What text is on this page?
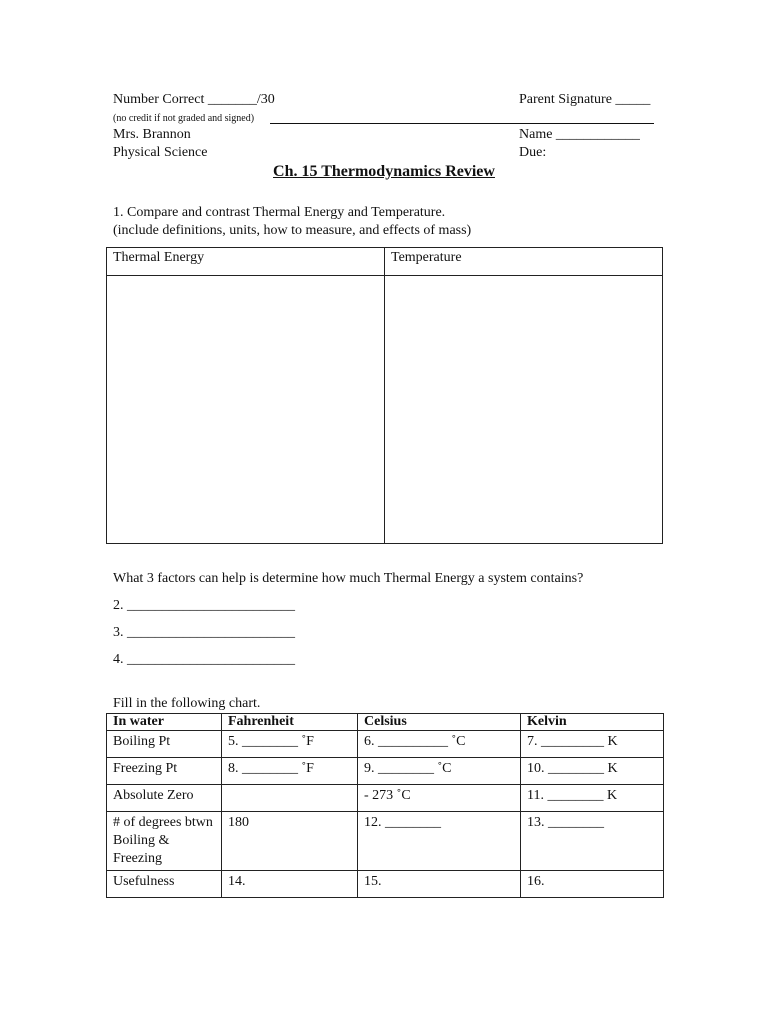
Number Correct _______/30	Parent Signature _____
(no credit if not graded and signed)
Mrs. Brannon	Name ____________
Physical Science	Due:
Ch. 15 Thermodynamics Review
1. Compare and contrast Thermal Energy and Temperature.
(include definitions, units, how to measure, and effects of mass)
Thermal Energy	Temperature

What 3 factors can help is determine how much Thermal Energy a system contains?
2. ________________________
3. ________________________
4. ________________________
Fill in the following chart.
In water	Fahrenheit	Celsius	Kelvin
Boiling Pt	5. ________ ˚F	6. __________ ˚C	7. _________ K
Freezing Pt	8. ________ ˚F	9. ________ ˚C	10. ________ K
Absolute Zero		- 273 ˚C	11. ________ K
# of degrees btwn Boiling & Freezing	180	12. ________	13. ________
Usefulness	14.	15.	16.
